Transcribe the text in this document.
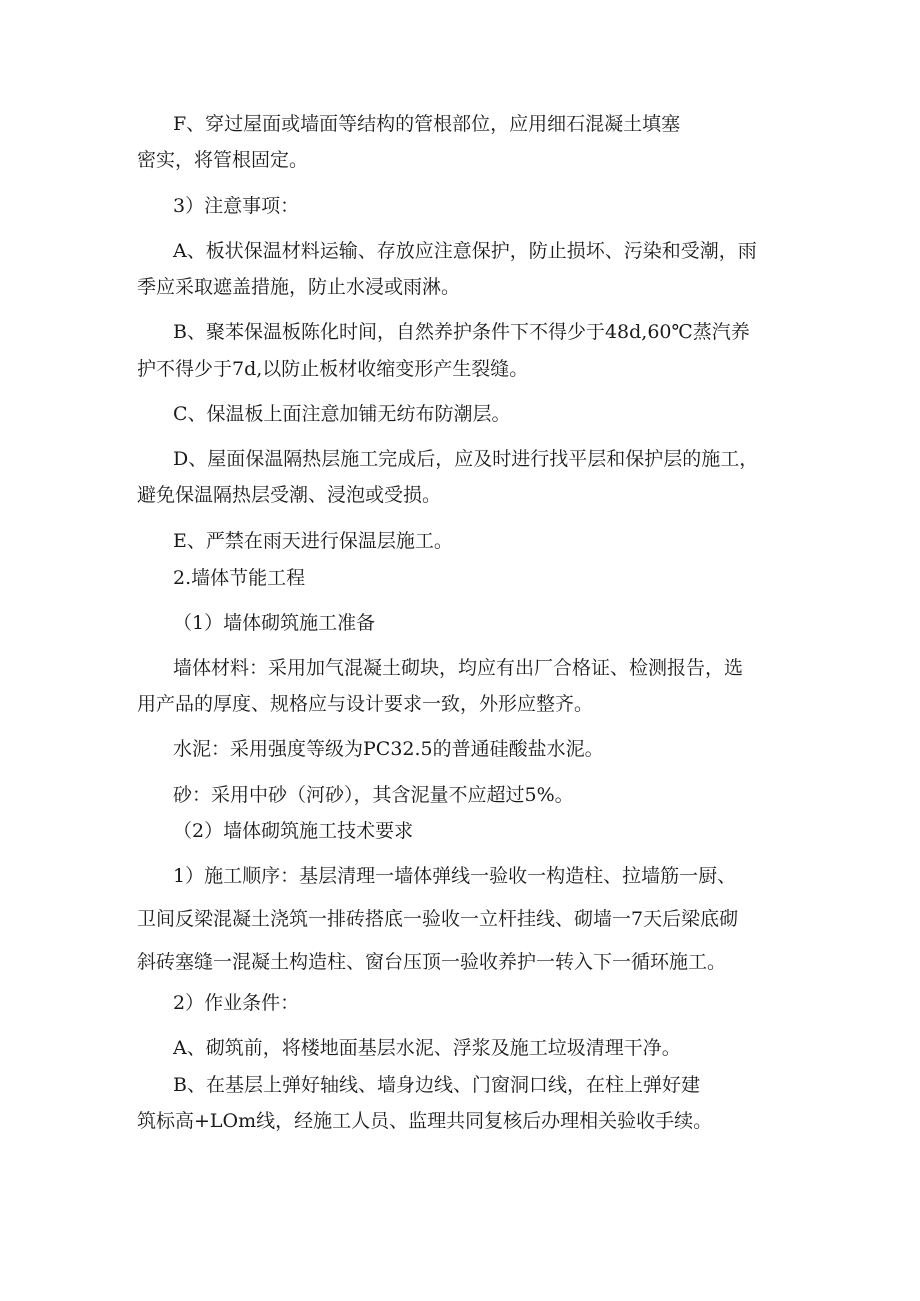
F、穿过屋面或墙面等结构的管根部位，应用细石混凝土填塞
密实，将管根固定。
3）注意事项：
A、板状保温材料运输、存放应注意保护，防止损坏、污染和受潮，雨
季应采取遮盖措施，防止水浸或雨淋。
B、聚苯保温板陈化时间，自然养护条件下不得少于48d,60℃蒸汽养
护不得少于7d,以防止板材收缩变形产生裂缝。
C、保温板上面注意加铺无纺布防潮层。
D、屋面保温隔热层施工完成后，应及时进行找平层和保护层的施工，
避免保温隔热层受潮、浸泡或受损。
E、严禁在雨天进行保温层施工。
2.墙体节能工程
（1）墙体砌筑施工准备
墙体材料：采用加气混凝土砌块，均应有出厂合格证、检测报告，选
用产品的厚度、规格应与设计要求一致，外形应整齐。
水泥：采用强度等级为PC32.5的普通硅酸盐水泥。
砂：采用中砂（河砂），其含泥量不应超过5%。
（2）墙体砌筑施工技术要求
1）施工顺序：基层清理一墙体弹线一验收一构造柱、拉墙筋一厨、
卫间反梁混凝土浇筑一排砖搭底一验收一立杆挂线、砌墙一7天后梁底砌
斜砖塞缝一混凝土构造柱、窗台压顶一验收养护一转入下一循环施工。
2）作业条件：
A、砌筑前，将楼地面基层水泥、浮浆及施工垃圾清理干净。
B、在基层上弹好轴线、墙身边线、门窗洞口线，在柱上弹好建
筑标高+LOm线，经施工人员、监理共同复核后办理相关验收手续。
